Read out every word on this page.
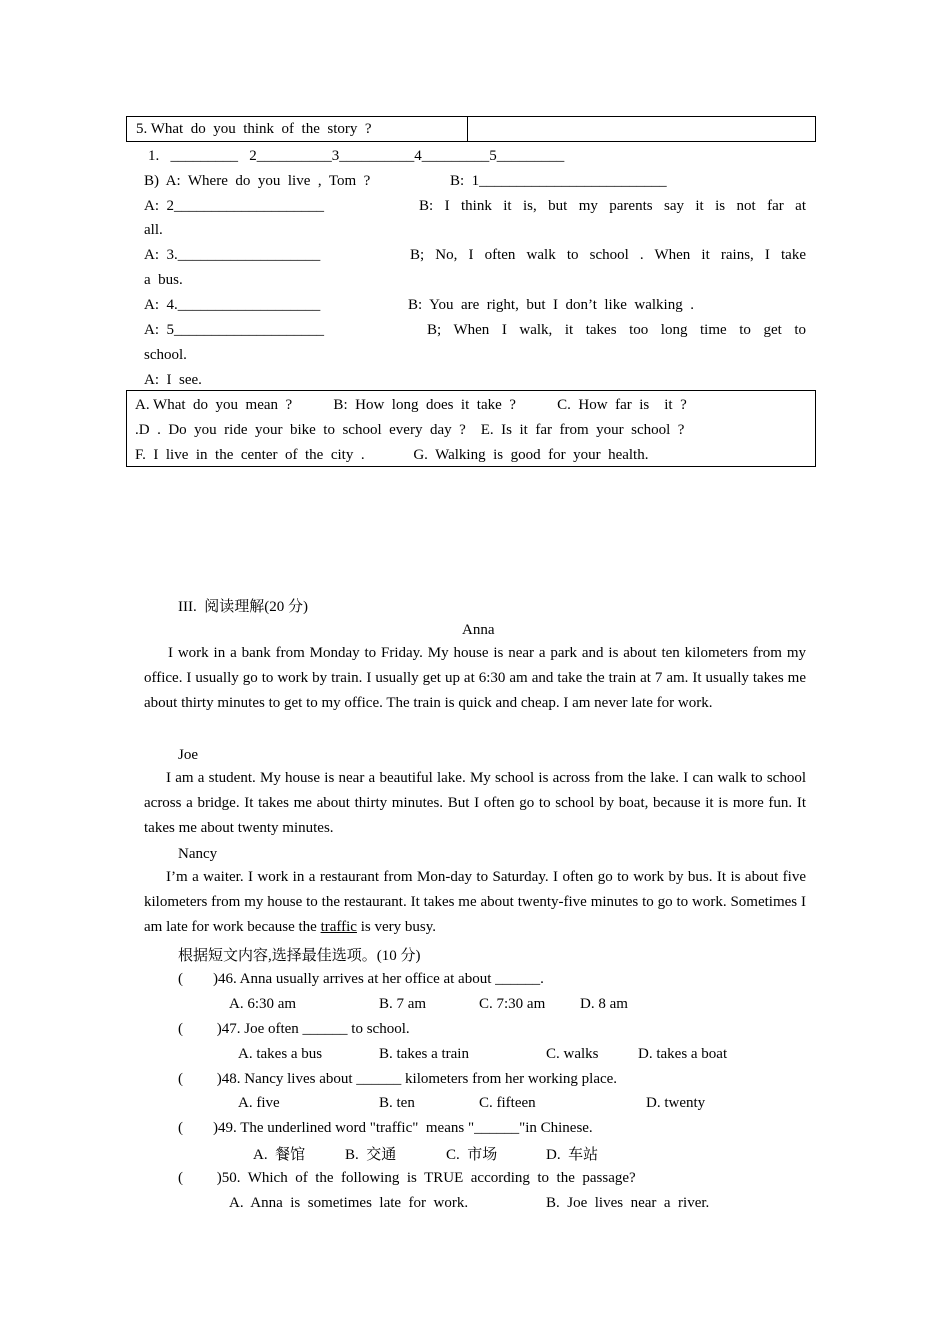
5. What  do  you  think  of  the  story  ?
1.   _________   2__________3__________4_________5_________
B)  A:  Where  do  you  live  ,  Tom  ?	B:  1_________________________
A:  2____________________	B: I think it is, but my parents say it is not far at
all.
A:  3.___________________	B; No, I often walk to school . When it rains, I take
a  bus.
A:  4.___________________	B:  You  are  right,  but  I  don’t  like  walking  .
A:  5____________________	B; When I walk, it takes too long time to get to
school.
A:  I  see.
A. What  do  you  mean  ?           B:  How  long  does  it  take  ?           C.  How  far  is    it  ?
.D  .  Do  you  ride  your  bike  to  school  every  day  ?    E.  Is  it  far  from  your  school  ?
F.  I  live  in  the  center  of  the  city  .             G.  Walking  is  good  for  your  health.
III.  阅读理解(20 分)
Anna
I work in a bank from Monday to Friday. My house is near a park and is about ten kilometers from my office. I usually go to work by train. I usually get up at 6:30 am and take the train at 7 am. It usually takes me about thirty minutes to get to my office. The train is quick and cheap. I am never late for work.
Joe
I am a student. My house is near a beautiful lake. My school is across from the lake. I can walk to school across a bridge. It takes me about thirty minutes. But I often go to school by boat, because it is more fun. It takes me about twenty minutes.
Nancy
I’m a waiter. I work in a restaurant from Mon-day to Saturday. I often go to work by bus. It is about five kilometers from my house to the restaurant. It takes me about twenty-five minutes to go to work. Sometimes I am late for work because the traffic is very busy.
根据短文内容,选择最佳选项。(10 分)
(        )46. Anna usually arrives at her office at about ______.
A. 6:30 am	B. 7 am	C. 7:30 am D. 8 am
(         )47. Joe often ______ to school.
A. takes a bus	B. takes a train	C. walks	D. takes a boat
(         )48. Nancy lives about ______ kilometers from her working place.
A. five	B. ten	C. fifteen	D. twenty
(        )49. The underlined word "traffic"  means "______"in Chinese.
A.  餐馆	B.  交通	C.  市场	D.  车站
(         )50.  Which  of  the  following  is  TRUE  according  to  the  passage?
A.  Anna  is  sometimes  late  for  work.	B.  Joe  lives  near  a  river.
